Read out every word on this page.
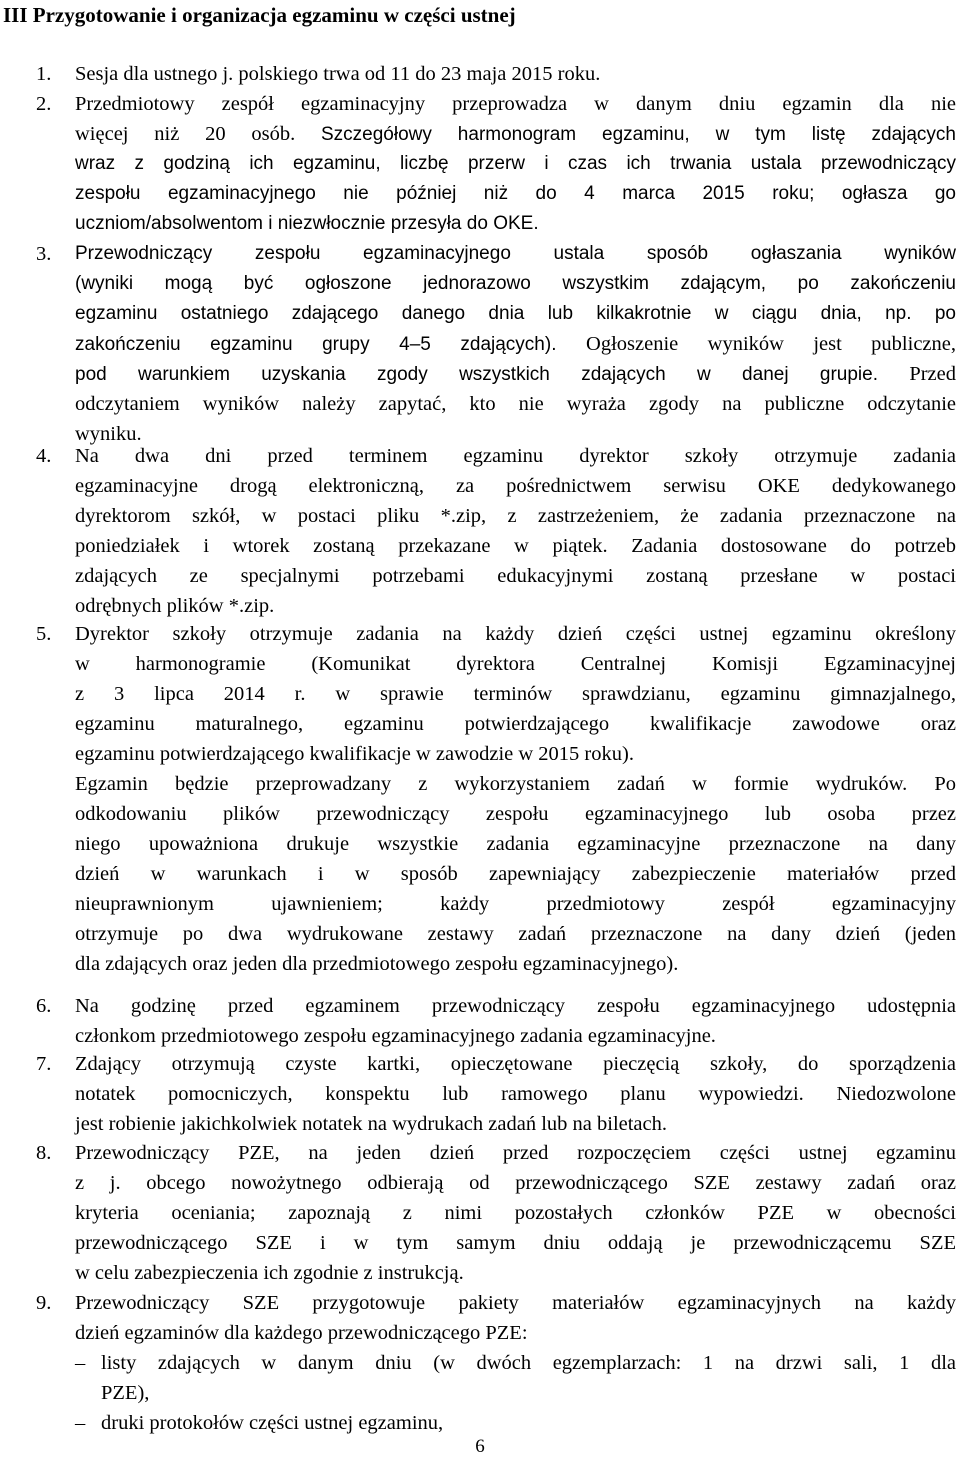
III Przygotowanie i organizacja egzaminu w części ustnej
1.	Sesja dla ustnego j. polskiego trwa od 11 do 23 maja 2015 roku.
2.	Przedmiotowy zespół egzaminacyjny przeprowadza w danym dniu egzamin dla nie
więcej niż 20 osób. Szczegółowy harmonogram egzaminu, w tym listę zdających
wraz z godziną ich egzaminu, liczbę przerw i czas ich trwania ustala przewodniczący
zespołu egzaminacyjnego nie później niż do 4 marca 2015 roku; ogłasza go
uczniom/absolwentom i niezwłocznie przesyła do OKE.
3.	Przewodniczący zespołu egzaminacyjnego ustala sposób ogłaszania wyników
(wyniki mogą być ogłoszone jednorazowo wszystkim zdającym, po zakończeniu
egzaminu ostatniego zdającego danego dnia lub kilkakrotnie w ciągu dnia, np. po
zakończeniu egzaminu grupy 4–5 zdających). Ogłoszenie wyników jest publiczne,
pod warunkiem uzyskania zgody wszystkich zdających w danej grupie. Przed
odczytaniem wyników należy zapytać, kto nie wyraża zgody na publiczne odczytanie
wyniku.
4.	Na dwa dni przed terminem egzaminu dyrektor szkoły otrzymuje zadania
egzaminacyjne drogą elektroniczną, za pośrednictwem serwisu OKE dedykowanego
dyrektorom szkół, w postaci pliku *.zip, z zastrzeżeniem, że zadania przeznaczone na
poniedziałek i wtorek zostaną przekazane w piątek. Zadania dostosowane do potrzeb
zdających ze specjalnymi potrzebami edukacyjnymi zostaną przesłane w postaci
odrębnych plików *.zip.
5.	Dyrektor szkoły otrzymuje zadania na każdy dzień części ustnej egzaminu określony
w harmonogramie (Komunikat dyrektora Centralnej Komisji Egzaminacyjnej
z 3 lipca 2014 r. w sprawie terminów sprawdzianu, egzaminu gimnazjalnego,
egzaminu maturalnego, egzaminu potwierdzającego kwalifikacje zawodowe oraz
egzaminu potwierdzającego kwalifikacje w zawodzie w 2015 roku).
Egzamin będzie przeprowadzany z wykorzystaniem zadań w formie wydruków. Po
odkodowaniu plików przewodniczący zespołu egzaminacyjnego lub osoba przez
niego upoważniona drukuje wszystkie zadania egzaminacyjne przeznaczone na dany
dzień w warunkach i w sposób zapewniający zabezpieczenie materiałów przed
nieuprawnionym ujawnieniem; każdy przedmiotowy zespół egzaminacyjny
otrzymuje po dwa wydrukowane zestawy zadań przeznaczone na dany dzień (jeden
dla zdających oraz jeden dla przedmiotowego zespołu egzaminacyjnego).
6.	Na godzinę przed egzaminem przewodniczący zespołu egzaminacyjnego udostępnia
członkom przedmiotowego zespołu egzaminacyjnego zadania egzaminacyjne.
7.	Zdający otrzymują czyste kartki, opieczętowane pieczęcią szkoły, do sporządzenia
notatek pomocniczych, konspektu lub ramowego planu wypowiedzi. Niedozwolone
jest robienie jakichkolwiek notatek na wydrukach zadań lub na biletach.
8.	Przewodniczący PZE, na jeden dzień przed rozpoczęciem części ustnej egzaminu
z j. obcego nowożytnego odbierają od przewodniczącego SZE zestawy zadań oraz
kryteria oceniania; zapoznają z nimi pozostałych członków PZE w obecności
przewodniczącego SZE i w tym samym dniu oddają je przewodniczącemu SZE
w celu zabezpieczenia ich zgodnie z instrukcją.
9.	Przewodniczący SZE przygotowuje pakiety materiałów egzaminacyjnych na każdy
dzień egzaminów dla każdego przewodniczącego PZE:
– listy zdających w danym dniu (w dwóch egzemplarzach: 1 na drzwi sali, 1 dla
PZE),
– druki protokołów części ustnej egzaminu,
6
